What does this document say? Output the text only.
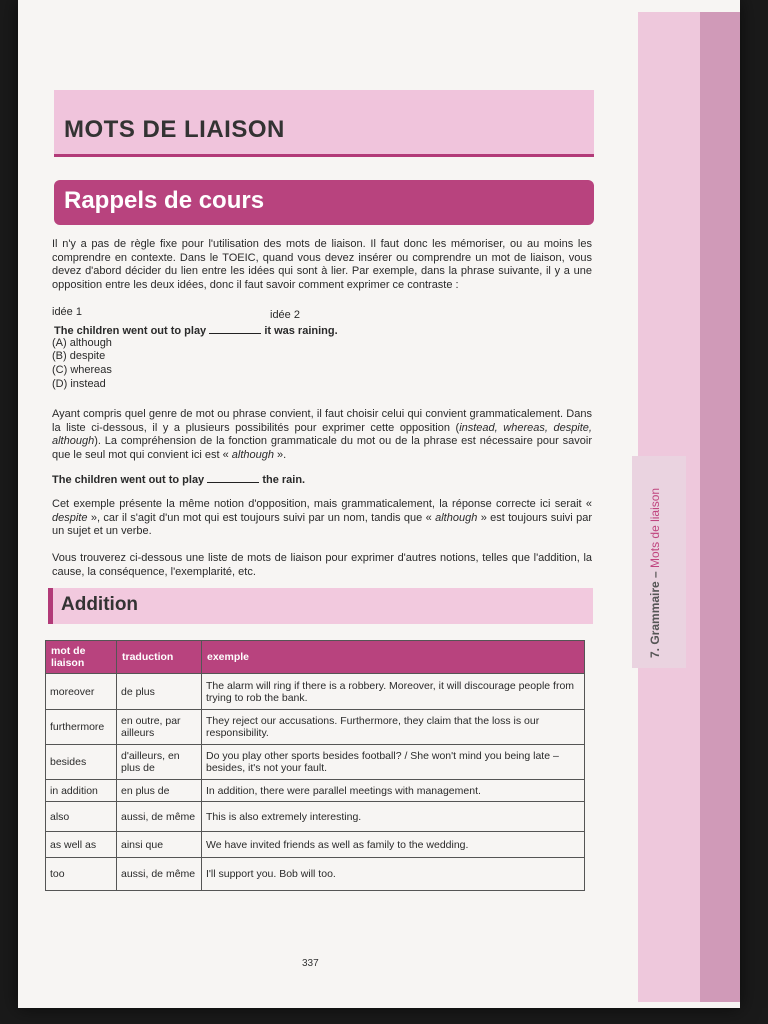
7. Grammaire – Mots de liaison
MOTS DE LIAISON
Rappels de cours
Il n'y a pas de règle fixe pour l'utilisation des mots de liaison. Il faut donc les mémoriser, ou au moins les comprendre en contexte. Dans le TOEIC, quand vous devez insérer ou comprendre un mot de liaison, vous devez d'abord décider du lien entre les idées qui sont à lier. Par exemple, dans la phrase suivante, il y a une opposition entre les deux idées, donc il faut savoir comment exprimer ce contraste :
idée 1	idée 2
The children went out to play	it was raining.
(A) although
(B) despite
(C) whereas
(D) instead
Ayant compris quel genre de mot ou phrase convient, il faut choisir celui qui convient grammaticalement. Dans la liste ci-dessous, il y a plusieurs possibilités pour exprimer cette opposition (instead, whereas, despite, although). La compréhension de la fonction grammaticale du mot ou de la phrase est nécessaire pour savoir que le seul mot qui convient ici est « although ».
The children went out to play	the rain.
Cet exemple présente la même notion d'opposition, mais grammaticalement, la réponse correcte ici serait « despite », car il s'agit d'un mot qui est toujours suivi par un nom, tandis que « although » est toujours suivi par un sujet et un verbe.
Vous trouverez ci-dessous une liste de mots de liaison pour exprimer d'autres notions, telles que l'addition, la cause, la conséquence, l'exemplarité, etc.
Addition
mot de liaison	traduction	exemple
moreover	de plus	The alarm will ring if there is a robbery. Moreover, it will discourage people from trying to rob the bank.
furthermore	en outre, par ailleurs	They reject our accusations. Furthermore, they claim that the loss is our responsibility.
besides	d'ailleurs, en plus de	Do you play other sports besides football? / She won't mind you being late – besides, it's not your fault.
in addition	en plus de	In addition, there were parallel meetings with management.
also	aussi, de même	This is also extremely interesting.
as well as	ainsi que	We have invited friends as well as family to the wedding.
too	aussi, de même	I'll support you. Bob will too.
337
